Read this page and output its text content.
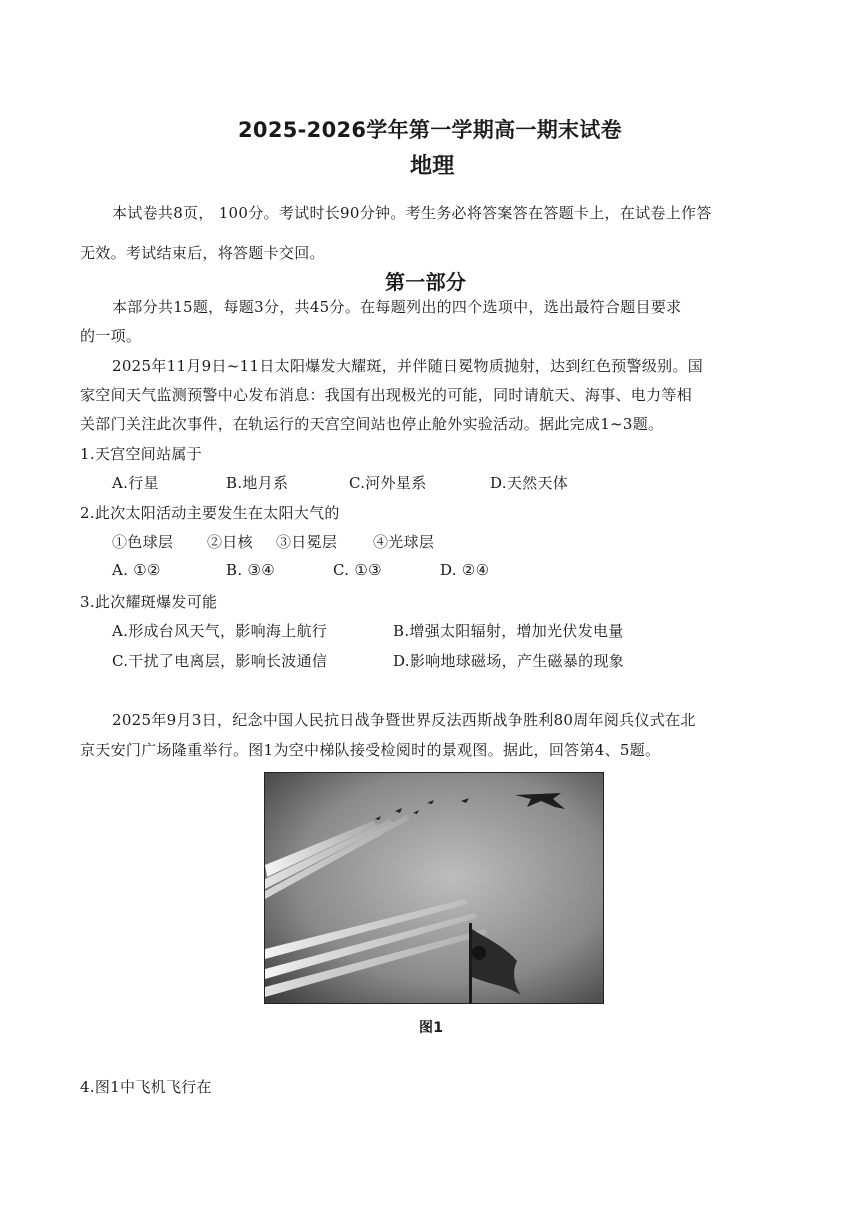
2025-2026学年第一学期高一期末试卷
地理
本试卷共8页， 100分。考试时长90分钟。考生务必将答案答在答题卡上，在试卷上作答
无效。考试结束后，将答题卡交回。
第一部分
本部分共15题，每题3分，共45分。在每题列出的四个选项中，选出最符合题目要求
的一项。
2025年11月9日~11日太阳爆发大耀斑，并伴随日冕物质抛射，达到红色预警级别。国
家空间天气监测预警中心发布消息：我国有出现极光的可能，同时请航天、海事、电力等相
关部门关注此次事件，在轨运行的天宫空间站也停止舱外实验活动。据此完成1~3题。
1.天宫空间站属于
A.行星	B.地月系	C.河外星系	D.天然天体
2.此次太阳活动主要发生在太阳大气的
①色球层 ②日核 ③日冕层 ④光球层
A. ①②	B. ③④	C. ①③	D. ②④
3.此次耀斑爆发可能
A.形成台风天气，影响海上航行	B.增强太阳辐射，增加光伏发电量
C.干扰了电离层，影响长波通信	D.影响地球磁场，产生磁暴的现象
2025年9月3日，纪念中国人民抗日战争暨世界反法西斯战争胜利80周年阅兵仪式在北
京天安门广场隆重举行。图1为空中梯队接受检阅时的景观图。据此，回答第4、5题。
图1
4.图1中飞机飞行在
